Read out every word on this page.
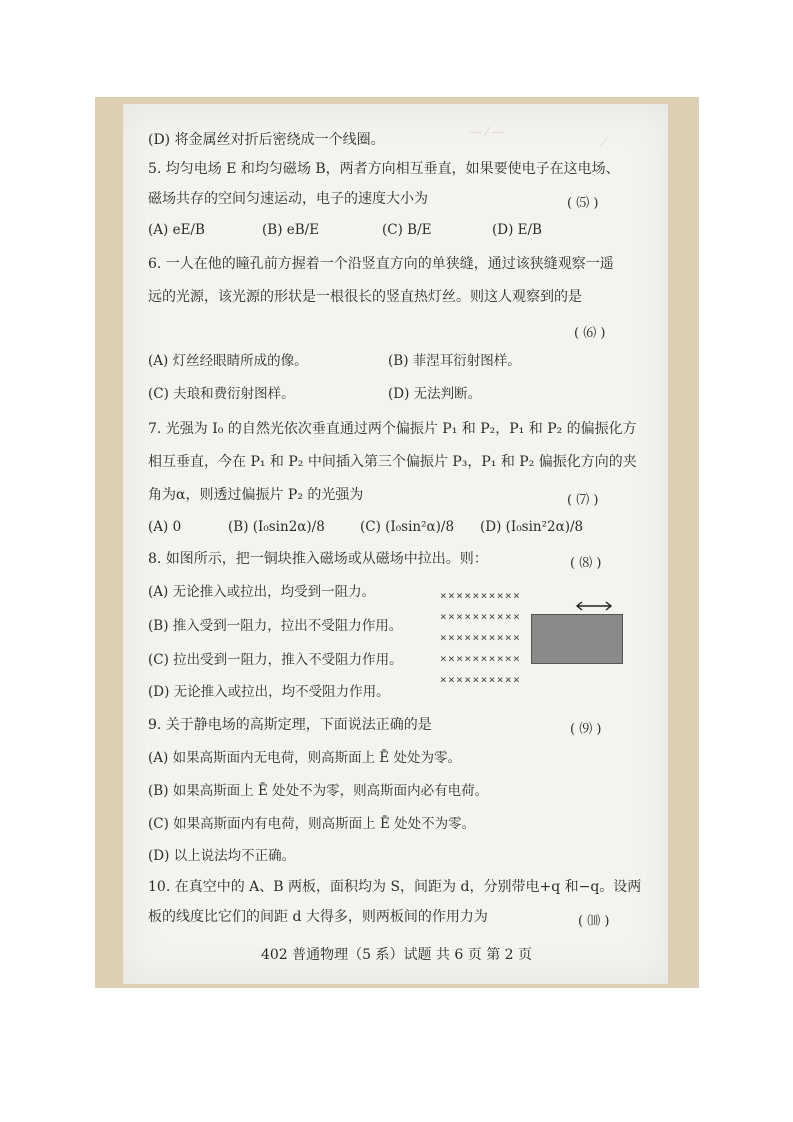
— ⁄ —
⟋
(D) 将金属丝对折后密绕成一个线圈。
5. 均匀电场 E 和均匀磁场 B，两者方向相互垂直，如果要使电子在这电场、
磁场共存的空间匀速运动，电子的速度大小为	( ⑸ )
(A) eE/B	(B) eB/E	(C) B/E	(D) E/B
6. 一人在他的瞳孔前方握着一个沿竖直方向的单狭缝，通过该狭缝观察一遥
远的光源，该光源的形状是一根很长的竖直热灯丝。则这人观察到的是
( ⑹ )
(A) 灯丝经眼睛所成的像。	(B) 菲涅耳衍射图样。
(C) 夫琅和费衍射图样。	(D) 无法判断。
7. 光强为 I₀ 的自然光依次垂直通过两个偏振片 P₁ 和 P₂，P₁ 和 P₂ 的偏振化方
相互垂直，今在 P₁ 和 P₂ 中间插入第三个偏振片 P₃，P₁ 和 P₂ 偏振化方向的夹
角为α，则透过偏振片 P₂ 的光强为	( ⑺ )
(A) 0	(B) (I₀sin2α)/8	(C) (I₀sin²α)/8 (D) (I₀sin²2α)/8
8. 如图所示，把一铜块推入磁场或从磁场中拉出。则：	( ⑻ )
(A) 无论推入或拉出，均受到一阻力。
(B) 推入受到一阻力，拉出不受阻力作用。
(C) 拉出受到一阻力，推入不受阻力作用。
(D) 无论推入或拉出，均不受阻力作用。
××××××××××
××××××××××
××××××××××
××××××××××
××××××××××
9. 关于静电场的高斯定理，下面说法正确的是	( ⑼ )
(A) 如果高斯面内无电荷，则高斯面上 Ē 处处为零。
(B) 如果高斯面上 Ē 处处不为零，则高斯面内必有电荷。
(C) 如果高斯面内有电荷，则高斯面上 Ē 处处不为零。
(D) 以上说法均不正确。
10. 在真空中的 A、B 两板，面积均为 S，间距为 d，分别带电+q 和−q。设两
板的线度比它们的间距 d 大得多，则两板间的作用力为	( ⑽ )
402 普通物理（5 系）试题 共 6 页 第 2 页
